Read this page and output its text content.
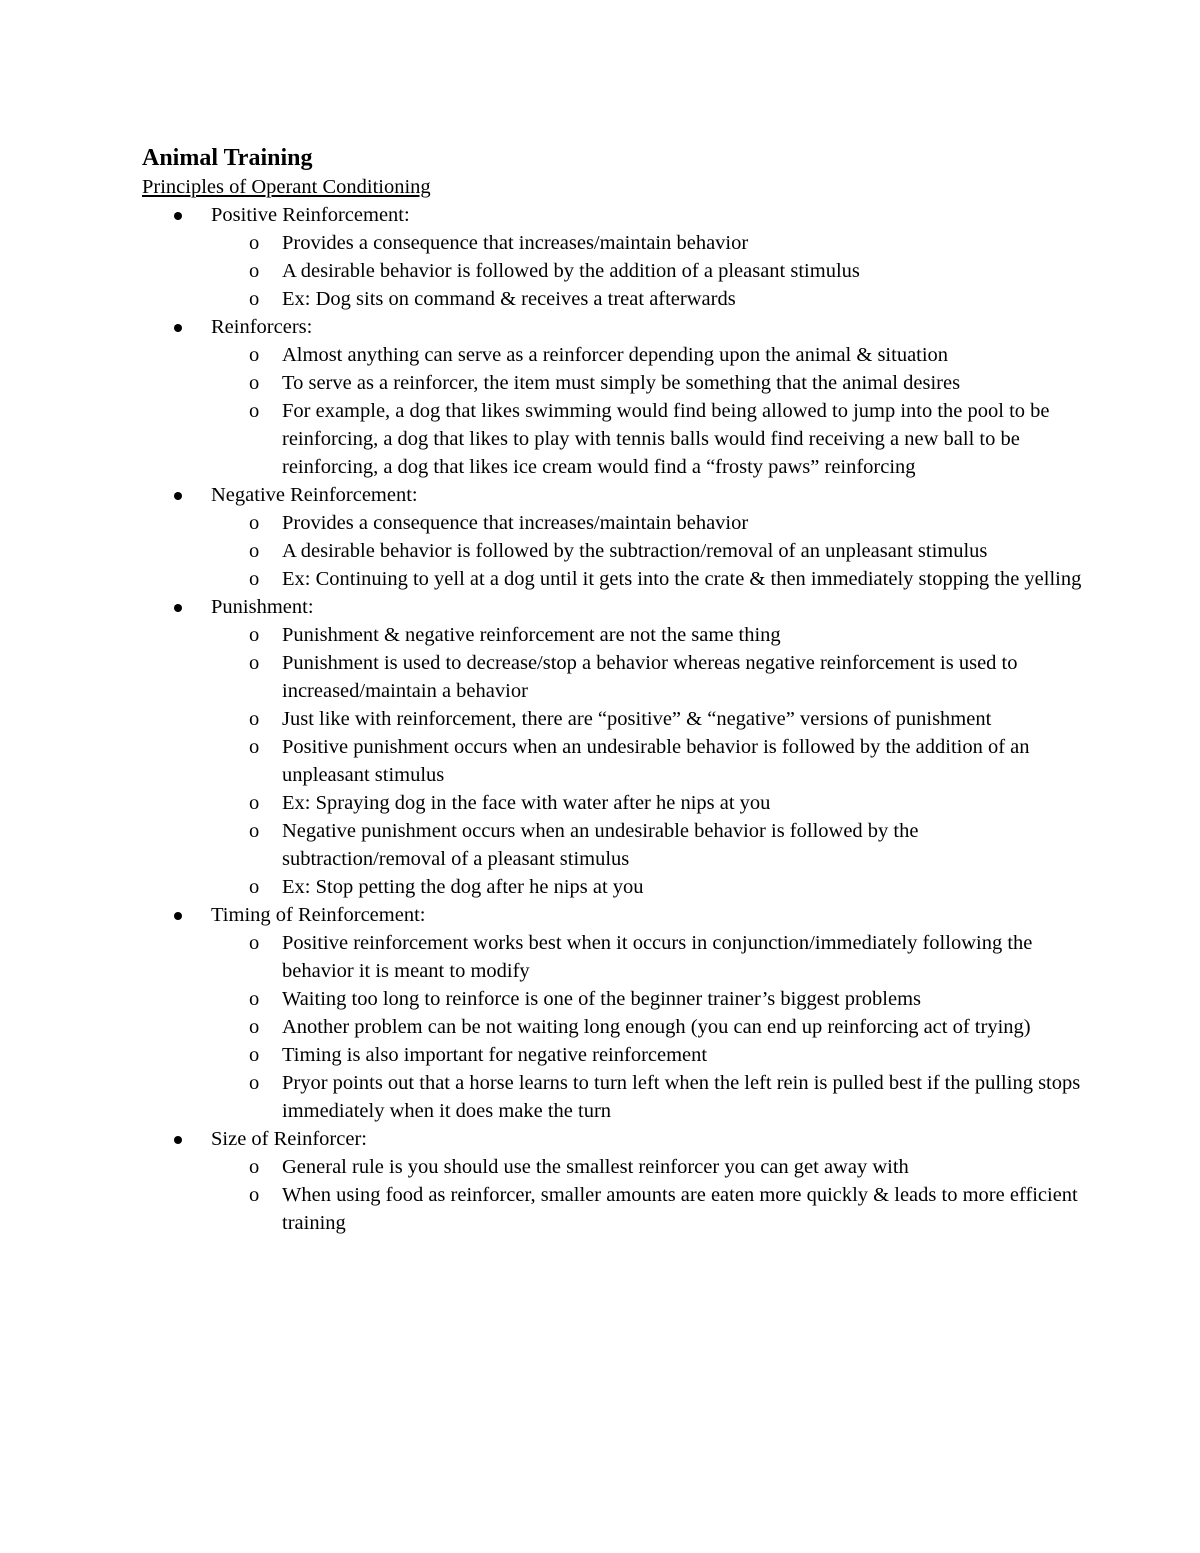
Animal Training

Principles of Operant Conditioning

Positive Reinforcement:
o	Provides a consequence that increases/maintain behavior
o	A desirable behavior is followed by the addition of a pleasant stimulus
o	Ex: Dog sits on command & receives a treat afterwards
Reinforcers:
o	Almost anything can serve as a reinforcer depending upon the animal & situation
o	To serve as a reinforcer, the item must simply be something that the animal desires
o	For example, a dog that likes swimming would find being allowed to jump into the pool to be reinforcing, a dog that likes to play with tennis balls would find receiving a new ball to be reinforcing, a dog that likes ice cream would find a “frosty paws” reinforcing
Negative Reinforcement:
o	Provides a consequence that increases/maintain behavior
o	A desirable behavior is followed by the subtraction/removal of an unpleasant stimulus
o	Ex: Continuing to yell at a dog until it gets into the crate & then immediately stopping the yelling
Punishment:
o	Punishment & negative reinforcement are not the same thing
o	Punishment is used to decrease/stop a behavior whereas negative reinforcement is used to increased/maintain a behavior
o	Just like with reinforcement, there are “positive” & “negative” versions of punishment
o	Positive punishment occurs when an undesirable behavior is followed by the addition of an unpleasant stimulus
o	Ex: Spraying dog in the face with water after he nips at you
o	Negative punishment occurs when an undesirable behavior is followed by the subtraction/removal of a pleasant stimulus
o	Ex: Stop petting the dog after he nips at you
Timing of Reinforcement:
o	Positive reinforcement works best when it occurs in conjunction/immediately following the behavior it is meant to modify
o	Waiting too long to reinforce is one of the beginner trainer’s biggest problems
o	Another problem can be not waiting long enough (you can end up reinforcing act of trying)
o	Timing is also important for negative reinforcement
o	Pryor points out that a horse learns to turn left when the left rein is pulled best if the pulling stops immediately when it does make the turn
Size of Reinforcer:
o	General rule is you should use the smallest reinforcer you can get away with
o	When using food as reinforcer, smaller amounts are eaten more quickly & leads to more efficient training
